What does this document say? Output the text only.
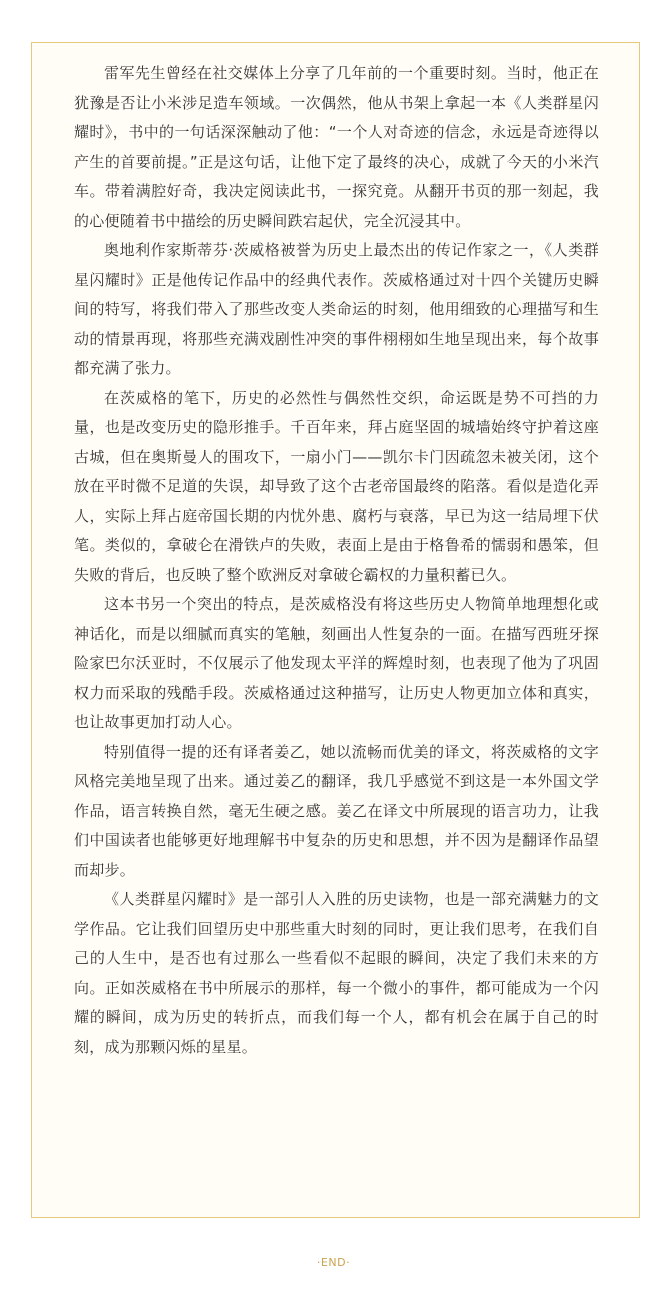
雷军先生曾经在社交媒体上分享了几年前的一个重要时刻。当时，他正在犹豫是否让小米涉足造车领域。一次偶然，他从书架上拿起一本《人类群星闪耀时》，书中的一句话深深触动了他：“一个人对奇迹的信念，永远是奇迹得以产生的首要前提。”正是这句话，让他下定了最终的决心，成就了今天的小米汽车。带着满腔好奇，我决定阅读此书，一探究竟。从翻开书页的那一刻起，我的心便随着书中描绘的历史瞬间跌宕起伏，完全沉浸其中。

奥地利作家斯蒂芬·茨威格被誉为历史上最杰出的传记作家之一，《人类群星闪耀时》正是他传记作品中的经典代表作。茨威格通过对十四个关键历史瞬间的特写，将我们带入了那些改变人类命运的时刻，他用细致的心理描写和生动的情景再现，将那些充满戏剧性冲突的事件栩栩如生地呈现出来，每个故事都充满了张力。

在茨威格的笔下，历史的必然性与偶然性交织，命运既是势不可挡的力量，也是改变历史的隐形推手。千百年来，拜占庭坚固的城墙始终守护着这座古城，但在奥斯曼人的围攻下，一扇小门——凯尔卡门因疏忽未被关闭，这个放在平时微不足道的失误，却导致了这个古老帝国最终的陷落。看似是造化弄人，实际上拜占庭帝国长期的内忧外患、腐朽与衰落，早已为这一结局埋下伏笔。类似的，拿破仑在滑铁卢的失败，表面上是由于格鲁希的懦弱和愚笨，但失败的背后，也反映了整个欧洲反对拿破仑霸权的力量积蓄已久。

这本书另一个突出的特点，是茨威格没有将这些历史人物简单地理想化或神话化，而是以细腻而真实的笔触，刻画出人性复杂的一面。在描写西班牙探险家巴尔沃亚时，不仅展示了他发现太平洋的辉煌时刻，也表现了他为了巩固权力而采取的残酷手段。茨威格通过这种描写，让历史人物更加立体和真实，也让故事更加打动人心。

特别值得一提的还有译者姜乙，她以流畅而优美的译文，将茨威格的文字风格完美地呈现了出来。通过姜乙的翻译，我几乎感觉不到这是一本外国文学作品，语言转换自然，毫无生硬之感。姜乙在译文中所展现的语言功力，让我们中国读者也能够更好地理解书中复杂的历史和思想，并不因为是翻译作品望而却步。

《人类群星闪耀时》是一部引人入胜的历史读物，也是一部充满魅力的文学作品。它让我们回望历史中那些重大时刻的同时，更让我们思考，在我们自己的人生中，是否也有过那么一些看似不起眼的瞬间，决定了我们未来的方向。正如茨威格在书中所展示的那样，每一个微小的事件，都可能成为一个闪耀的瞬间，成为历史的转折点，而我们每一个人，都有机会在属于自己的时刻，成为那颗闪烁的星星。

·END·
